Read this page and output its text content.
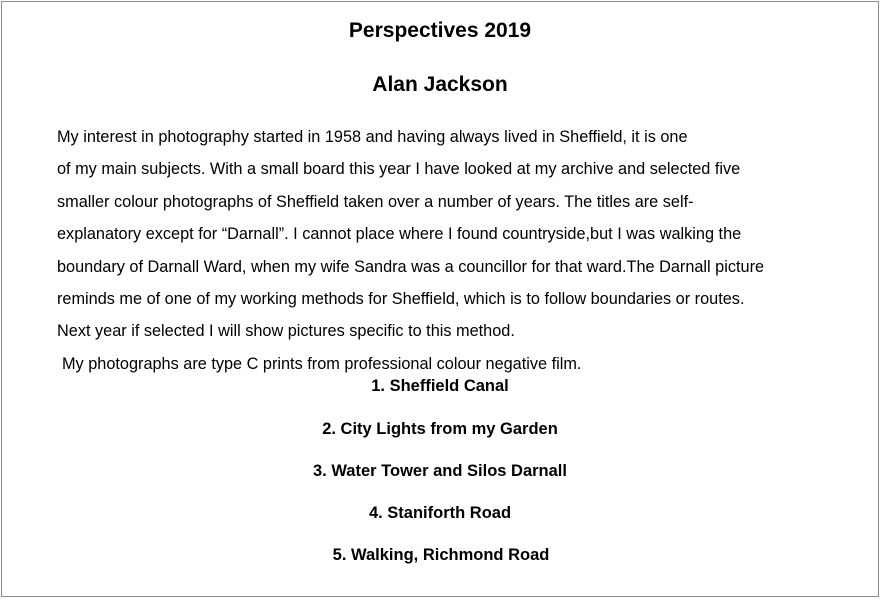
Perspectives 2019
Alan Jackson

My interest in photography started in 1958 and having always lived in Sheffield, it is one
of my main subjects. With a small board this year I have looked at my archive and selected five
smaller colour photographs of Sheffield taken over a number of years. The titles are self-
explanatory except for “Darnall”. I cannot place where I found countryside,but I was walking the
boundary of Darnall Ward, when my wife Sandra was a councillor for that ward.The Darnall picture
reminds me of one of my working methods for Sheffield, which is to follow boundaries or routes.
Next year if selected I will show pictures specific to this method.
My photographs are type C prints from professional colour negative film.

1. Sheffield Canal
2. City Lights from my Garden
3. Water Tower and Silos Darnall
4. Staniforth Road
5. Walking, Richmond Road
